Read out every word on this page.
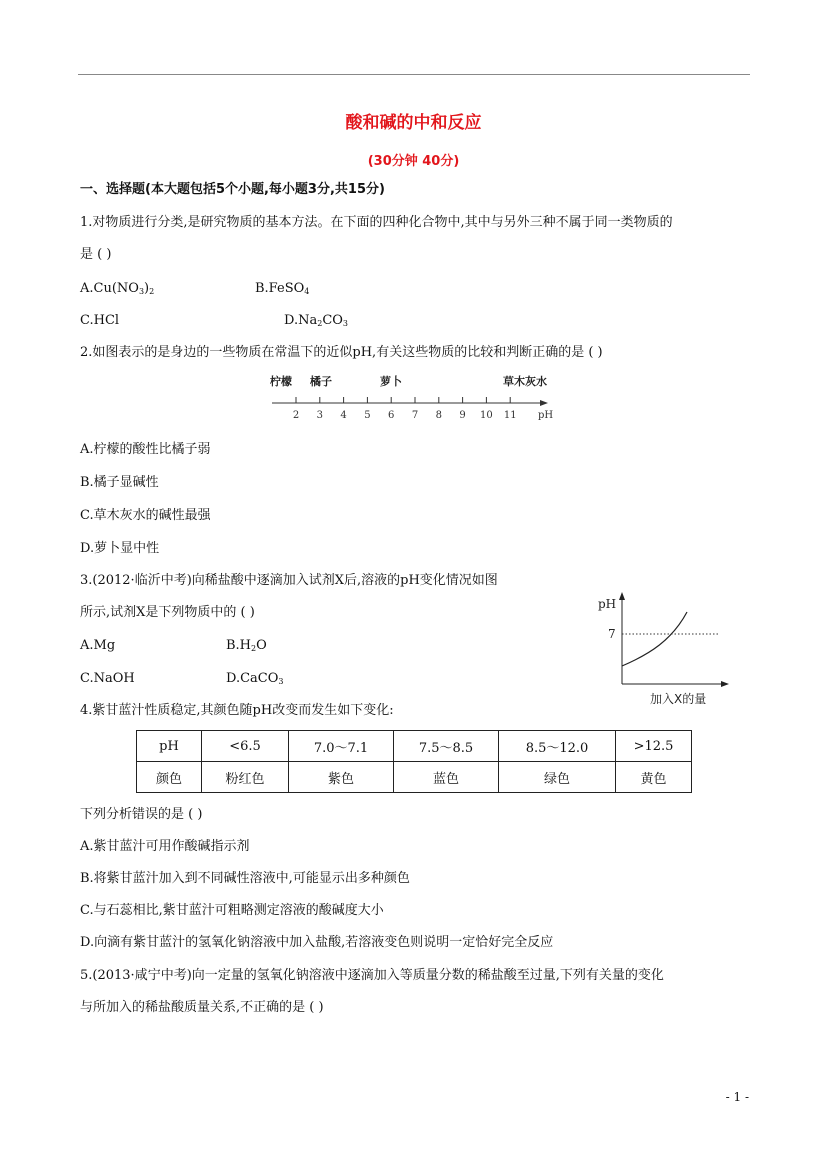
酸和碱的中和反应
(30分钟 40分)
一、选择题(本大题包括5个小题,每小题3分,共15分)
1.对物质进行分类,是研究物质的基本方法。在下面的四种化合物中,其中与另外三种不属于同一类物质的
是 ( )
$A.Cu(NO_3)_2$	B.FeSO$_4$
C.HCl	$D.Na_2CO_3$
2.如图表示的是身边的一些物质在常温下的近似pH,有关这些物质的比较和判断正确的是 ( )
柠檬 橘子	萝卜	草木灰水
2 3 4 5 6 7 8 9 10 11 pH
A.柠檬的酸性比橘子弱
B.橘子显碱性
C.草木灰水的碱性最强
D.萝卜显中性
3.(2012·临沂中考)向稀盐酸中逐滴加入试剂X后,溶液的pH变化情况如图
所示,试剂X是下列物质中的 ( )
A.Mg	$B.H_2O$
C.NaOH	D.CaCO$_3$
pH
7
加入X的量
4.紫甘蓝汁性质稳定,其颜色随pH改变而发生如下变化:
pH	<6.5	7.0～7.1	7.5～8.5	8.5～12.0	>12.5
颜色	粉红色	紫色	蓝色	绿色	黄色
下列分析错误的是 ( )
A.紫甘蓝汁可用作酸碱指示剂
B.将紫甘蓝汁加入到不同碱性溶液中,可能显示出多种颜色
C.与石蕊相比,紫甘蓝汁可粗略测定溶液的酸碱度大小
D.向滴有紫甘蓝汁的氢氧化钠溶液中加入盐酸,若溶液变色则说明一定恰好完全反应
5.(2013·咸宁中考)向一定量的氢氧化钠溶液中逐滴加入等质量分数的稀盐酸至过量,下列有关量的变化
与所加入的稀盐酸质量关系,不正确的是 ( )
- 1 -
